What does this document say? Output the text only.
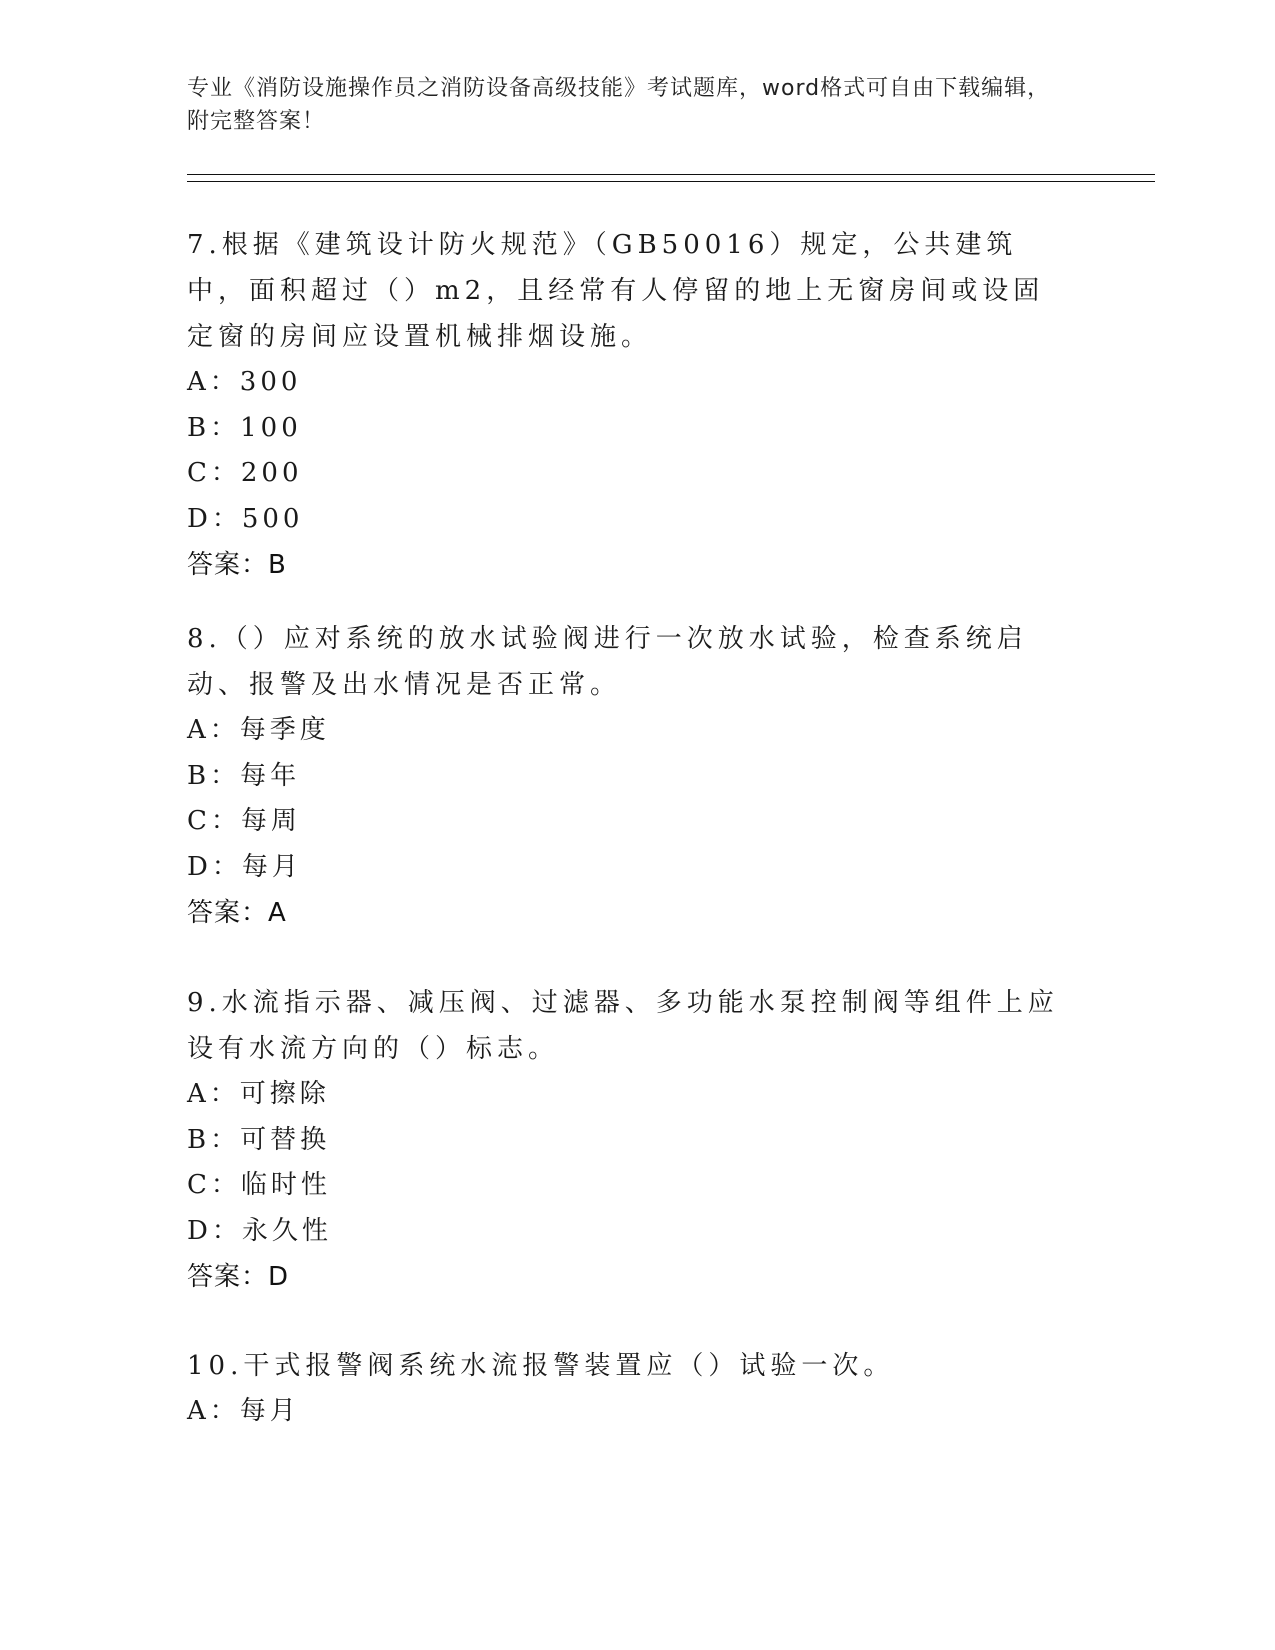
专业《消防设施操作员之消防设备高级技能》考试题库，word格式可自由下载编辑，附完整答案！

7.根据《建筑设计防火规范》（GB50016）规定，公共建筑中，面积超过（）m2，且经常有人停留的地上无窗房间或设固定窗的房间应设置机械排烟设施。

A：300

B：100

C：200

D：500

答案：B

8.（）应对系统的放水试验阀进行一次放水试验，检查系统启动、报警及出水情况是否正常。

A：每季度

B：每年

C：每周

D：每月

答案：A

9.水流指示器、减压阀、过滤器、多功能水泵控制阀等组件上应设有水流方向的（）标志。

A：可擦除

B：可替换

C：临时性

D：永久性

答案：D

10.干式报警阀系统水流报警装置应（）试验一次。

A：每月
